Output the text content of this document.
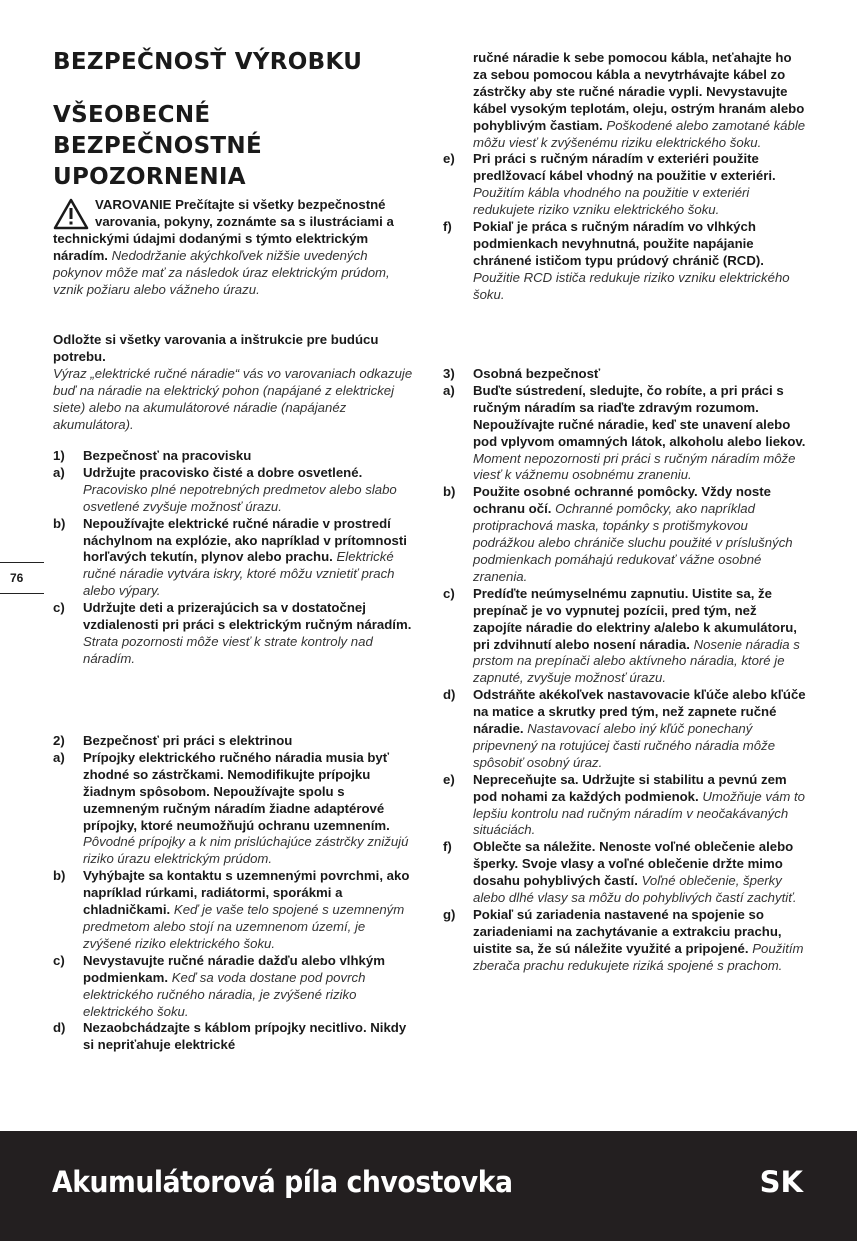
BEZPEČNOSŤ VÝROBKU
VŠEOBECNÉ BEZPEČNOSTNÉ UPOZORNENIA

VAROVANIE Prečítajte si všetky bezpečnostné varovania, pokyny, zoznámte sa s ilustráciami a technickými údajmi dodanými s týmto elektrickým náradím. Nedodržanie akýchkoľvek nižšie uvedených pokynov môže mať za následok úraz elektrickým prúdom, vznik požiaru alebo vážneho úrazu.

Odložte si všetky varovania a inštrukcie pre budúcu potrebu.

Výraz „elektrické ručné náradie“ vás vo varovaniach odkazuje buď na náradie na elektrický pohon (napájané z elektrickej siete) alebo na akumulátorové náradie (napájanéz akumulátora).

1)	Bezpečnosť na pracovisku
a)	Udržujte pracovisko čisté a dobre osvetlené. Pracovisko plné nepotrebných predmetov alebo slabo osvetlené zvyšuje možnosť úrazu.
b)	Nepoužívajte elektrické ručné náradie v prostredí náchylnom na explózie, ako napríklad v prítomnosti horľavých tekutín, plynov alebo prachu. Elektrické ručné náradie vytvára iskry, ktoré môžu vznietiť prach alebo výpary.
c)	Udržujte deti a prizerajúcich sa v dostatočnej vzdialenosti pri práci s elektrickým ručným náradím. Strata pozornosti môže viesť k strate kontroly nad náradím.
2)	Bezpečnosť pri práci s elektrinou
a)	Prípojky elektrického ručného náradia musia byť zhodné so zástrčkami. Nemodifikujte prípojku žiadnym spôsobom. Nepoužívajte spolu s uzemneným ručným náradím žiadne adaptérové prípojky, ktoré neumožňujú ochranu uzemnením. Pôvodné prípojky a k nim prislúchajúce zástrčky znižujú riziko úrazu elektrickým prúdom.
b)	Vyhýbajte sa kontaktu s uzemnenými povrchmi, ako napríklad rúrkami, radiátormi, sporákmi a chladničkami. Keď je vaše telo spojené s uzemneným predmetom alebo stojí na uzemnenom území, je zvýšené riziko elektrického šoku.
c)	Nevystavujte ručné náradie dažďu alebo vlhkým podmienkam. Keď sa voda dostane pod povrch elektrického ručného náradia, je zvýšené riziko elektrického šoku.
d)	Nezaobchádzajte s káblom prípojky necitlivo. Nikdy si nepriťahuje elektrické
ručné náradie k sebe pomocou kábla, neťahajte ho za sebou pomocou kábla a nevytrhávajte kábel zo zástrčky aby ste ručné náradie vypli. Nevystavujte kábel vysokým teplotám, oleju, ostrým hranám alebo pohyblivým častiam. Poškodené alebo zamotané káble môžu viesť k zvýšenému riziku elektrického šoku.
e)	Pri práci s ručným náradím v exteriéri použite predlžovací kábel vhodný na použitie v exteriéri. Použitím kábla vhodného na použitie v exteriéri redukujete riziko vzniku elektrického šoku.
f)	Pokiaľ je práca s ručným náradím vo vlhkých podmienkach nevyhnutná, použite napájanie chránené ističom typu prúdový chránič (RCD). Použitie RCD ističa redukuje riziko vzniku elektrického šoku.
3)	Osobná bezpečnosť
a)	Buďte sústredení, sledujte, čo robíte, a pri práci s ručným náradím sa riaďte zdravým rozumom. Nepoužívajte ručné náradie, keď ste unavení alebo pod vplyvom omamných látok, alkoholu alebo liekov. Moment nepozornosti pri práci s ručným náradím môže viesť k vážnemu osobnému zraneniu.
b)	Použite osobné ochranné pomôcky. Vždy noste ochranu očí. Ochranné pomôcky, ako napríklad protiprachová maska, topánky s protišmykovou podrážkou alebo chrániče sluchu použité v príslušných podmienkach pomáhajú redukovať vážne osobné zranenia.
c)	Predíďte neúmyselnému zapnutiu. Uistite sa, že prepínač je vo vypnutej pozícii, pred tým, než zapojíte náradie do elektriny a/alebo k akumulátoru, pri zdvihnutí alebo nosení náradia. Nosenie náradia s prstom na prepínači alebo aktívneho náradia, ktoré je zapnuté, zvyšuje možnosť úrazu.
d)	Odstráňte akékoľvek nastavovacie kľúče alebo kľúče na matice a skrutky pred tým, než zapnete ručné náradie. Nastavovací alebo iný kľúč ponechaný pripevnený na rotujúcej časti ručného náradia môže spôsobiť osobný úraz.
e)	Nepreceňujte sa. Udržujte si stabilitu a pevnú zem pod nohami za každých podmienok. Umožňuje vám to lepšiu kontrolu nad ručným náradím v neočakávaných situáciách.
f)	Oblečte sa náležite. Nenoste voľné oblečenie alebo šperky. Svoje vlasy a voľné oblečenie držte mimo dosahu pohyblivých častí. Voľné oblečenie, šperky alebo dlhé vlasy sa môžu do pohyblivých častí zachytiť.
g)	Pokiaľ sú zariadenia nastavené na spojenie so zariadeniami na zachytávanie a extrakciu prachu, uistite sa, že sú náležite využité a pripojené. Použitím zberača prachu redukujete riziká spojené s prachom.
76
Akumulátorová píla chvostovka	SK
